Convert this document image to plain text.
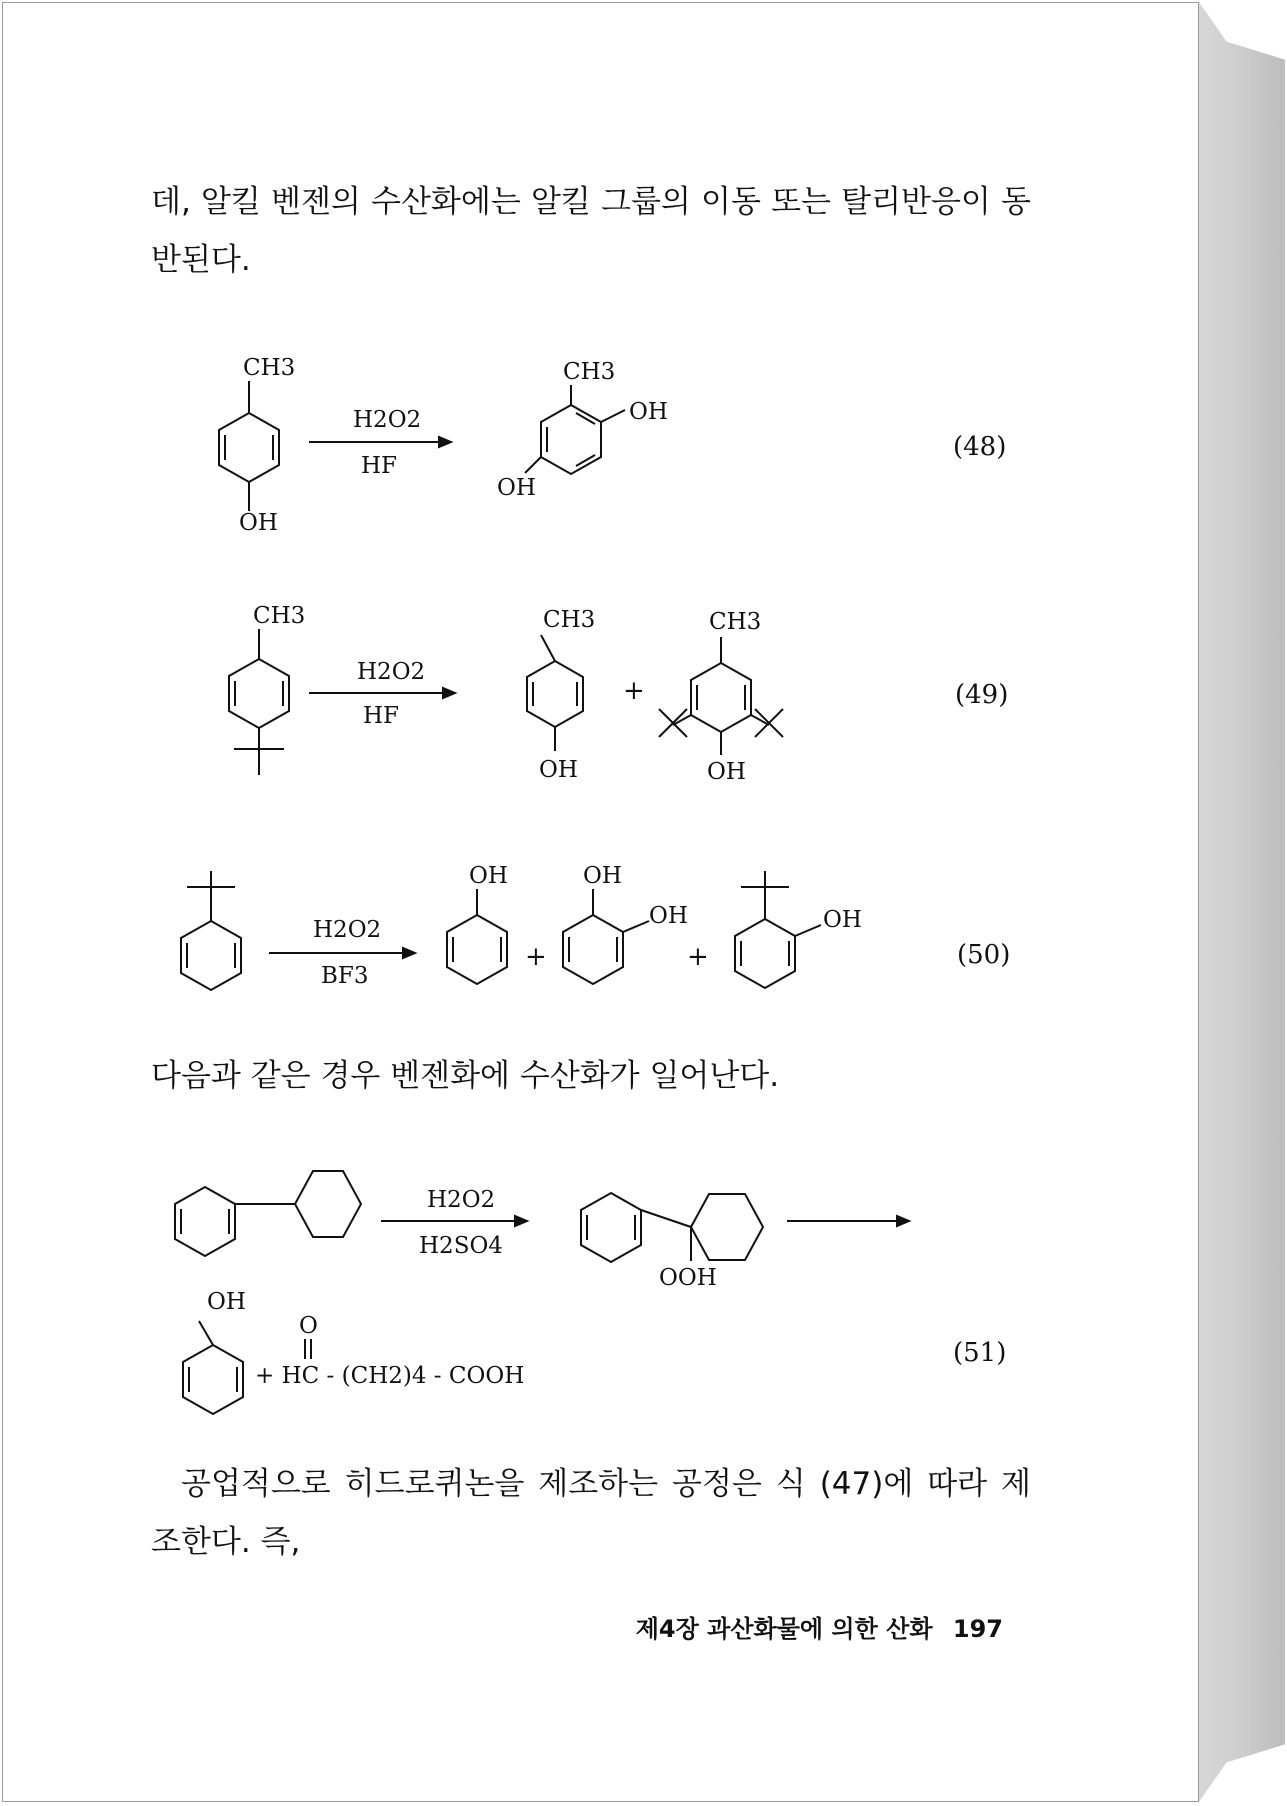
데, 알킬 벤젠의 수산화에는 알킬 그룹의 이동 또는 탈리반응이 동반된다.

CH3
OH
H2O2
HF
CH3
OH
OH
(48)
CH3
H2O2
HF
CH3
OH
+
CH3
OH
(49)
H2O2
BF3
OH
+
OH
OH
+
OH
(50)
H2O2
H2SO4
OOH
OH
O
+ HC - (CH2)4 - COOH
(51)

다음과 같은 경우 벤젠화에 수산화가 일어난다.

공업적으로 히드로퀴논을 제조하는 공정은 식 (47)에 따라 제조한다. 즉,

제4장 과산화물에 의한 산화 197
